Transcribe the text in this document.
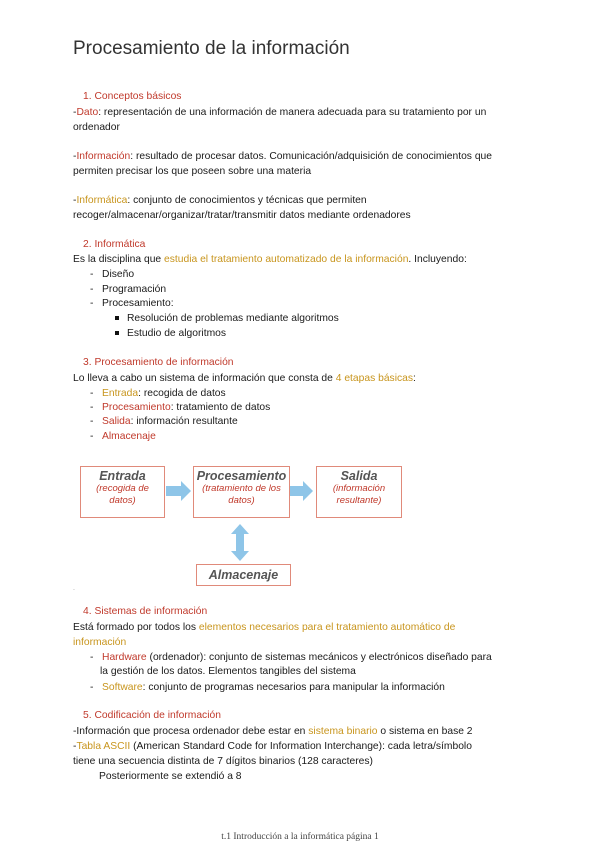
Procesamiento de la información
1. Conceptos básicos
-Dato: representación de una información de manera adecuada para su tratamiento por un
ordenador
-Información: resultado de procesar datos. Comunicación/adquisición de conocimientos que
permiten precisar los que poseen sobre una materia
-Informática: conjunto de conocimientos y técnicas que permiten
recoger/almacenar/organizar/tratar/transmitir datos mediante ordenadores
2. Informática
Es la disciplina que estudia el tratamiento automatizado de la información. Incluyendo:
-   Diseño
-   Programación
-   Procesamiento:
Resolución de problemas mediante algoritmos
Estudio de algoritmos
3. Procesamiento de información
Lo lleva a cabo un sistema de información que consta de 4 etapas básicas:
-   Entrada: recogida de datos
-   Procesamiento: tratamiento de datos
-   Salida: información resultante
-   Almacenaje
Entrada
(recogida de
datos)
Procesamiento
(tratamiento de los
datos)
Salida
(información
resultante)
Almacenaje
.
4. Sistemas de información
Está formado por todos los elementos necesarios para el tratamiento automático de
información
-   Hardware (ordenador): conjunto de sistemas mecánicos y electrónicos diseñado para
la gestión de los datos. Elementos tangibles del sistema
-   Software: conjunto de programas necesarios para manipular la información
5. Codificación de información
-Información que procesa ordenador debe estar en sistema binario o sistema en base 2
-Tabla ASCII (American Standard Code for Information Interchange): cada letra/símbolo
tiene una secuencia distinta de 7 dígitos binarios (128 caracteres)
Posteriormente se extendió a 8
t.1 Introducción a la informática página 1
